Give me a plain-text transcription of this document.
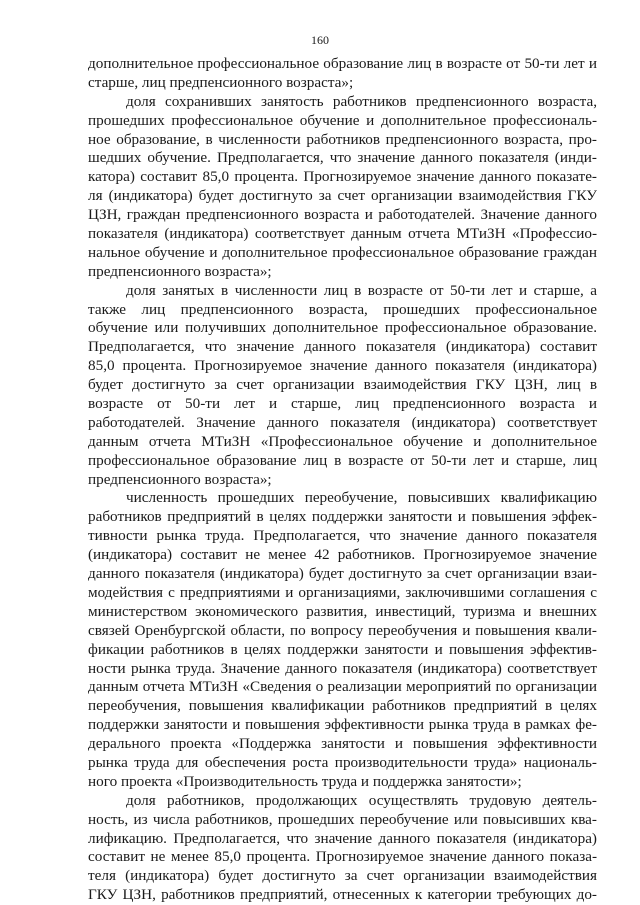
160
дополнительное профессиональное образование лиц в возрасте от 50-ти лет и
старше, лиц предпенсионного возраста»;
доля сохранивших занятость работников предпенсионного возраста,
прошедших профессиональное обучение и дополнительное профессиональ-
ное образование, в численности работников предпенсионного возраста, про-
шедших обучение. Предполагается, что значение данного показателя (инди-
катора) составит 85,0 процента. Прогнозируемое значение данного показате-
ля (индикатора) будет достигнуто за счет организации взаимодействия ГКУ
ЦЗН, граждан предпенсионного возраста и работодателей. Значение данного
показателя (индикатора) соответствует данным отчета МТиЗН «Профессио-
нальное обучение и дополнительное профессиональное образование граждан
предпенсионного возраста»;
доля занятых в численности лиц в возрасте от 50-ти лет и старше, а
также лиц предпенсионного возраста, прошедших профессиональное
обучение или получивших дополнительное профессиональное образование.
Предполагается, что значение данного показателя (индикатора) составит
85,0 процента. Прогнозируемое значение данного показателя (индикатора)
будет достигнуто за счет организации взаимодействия ГКУ ЦЗН, лиц в
возрасте от 50-ти лет и старше, лиц предпенсионного возраста и
работодателей. Значение данного показателя (индикатора) соответствует
данным отчета МТиЗН «Профессиональное обучение и дополнительное
профессиональное образование лиц в возрасте от 50-ти лет и старше, лиц
предпенсионного возраста»;
численность прошедших переобучение, повысивших квалификацию
работников предприятий в целях поддержки занятости и повышения эффек-
тивности рынка труда. Предполагается, что значение данного показателя
(индикатора) составит не менее 42 работников. Прогнозируемое значение
данного показателя (индикатора) будет достигнуто за счет организации взаи-
модействия с предприятиями и организациями, заключившими соглашения с
министерством экономического развития, инвестиций, туризма и внешних
связей Оренбургской области, по вопросу переобучения и повышения квали-
фикации работников в целях поддержки занятости и повышения эффектив-
ности рынка труда. Значение данного показателя (индикатора) соответствует
данным отчета МТиЗН «Сведения о реализации мероприятий по организации
переобучения, повышения квалификации работников предприятий в целях
поддержки занятости и повышения эффективности рынка труда в рамках фе-
дерального проекта «Поддержка занятости и повышения эффективности
рынка труда для обеспечения роста производительности труда» националь-
ного проекта «Производительность труда и поддержка занятости»;
доля работников, продолжающих осуществлять трудовую деятель-
ность, из числа работников, прошедших переобучение или повысивших ква-
лификацию. Предполагается, что значение данного показателя (индикатора)
составит не менее 85,0 процента. Прогнозируемое значение данного показа-
теля (индикатора) будет достигнуто за счет организации взаимодействия
ГКУ ЦЗН, работников предприятий, отнесенных к категории требующих до-
